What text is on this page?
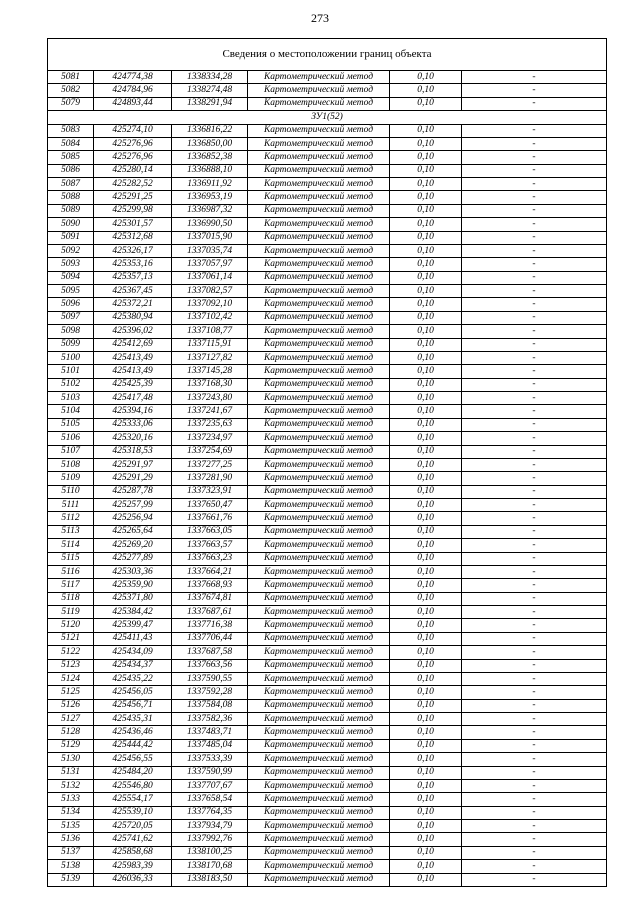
273
Сведения о местоположении границ объекта					
5081	424774,38	1338334,28	Картометрический метод	0,10	-
5082	424784,96	1338274,48	Картометрический метод	0,10	-
5079	424893,44	1338291,94	Картометрический метод	0,10	-
ЗУ1(52)					
5083	425274,10	1336816,22	Картометрический метод	0,10	-
5084	425276,96	1336850,00	Картометрический метод	0,10	-
5085	425276,96	1336852,38	Картометрический метод	0,10	-
5086	425280,14	1336888,10	Картометрический метод	0,10	-
5087	425282,52	1336911,92	Картометрический метод	0,10	-
5088	425291,25	1336953,19	Картометрический метод	0,10	-
5089	425299,98	1336987,32	Картометрический метод	0,10	-
5090	425301,57	1336990,50	Картометрический метод	0,10	-
5091	425312,68	1337015,90	Картометрический метод	0,10	-
5092	425326,17	1337035,74	Картометрический метод	0,10	-
5093	425353,16	1337057,97	Картометрический метод	0,10	-
5094	425357,13	1337061,14	Картометрический метод	0,10	-
5095	425367,45	1337082,57	Картометрический метод	0,10	-
5096	425372,21	1337092,10	Картометрический метод	0,10	-
5097	425380,94	1337102,42	Картометрический метод	0,10	-
5098	425396,02	1337108,77	Картометрический метод	0,10	-
5099	425412,69	1337115,91	Картометрический метод	0,10	-
5100	425413,49	1337127,82	Картометрический метод	0,10	-
5101	425413,49	1337145,28	Картометрический метод	0,10	-
5102	425425,39	1337168,30	Картометрический метод	0,10	-
5103	425417,48	1337243,80	Картометрический метод	0,10	-
5104	425394,16	1337241,67	Картометрический метод	0,10	-
5105	425333,06	1337235,63	Картометрический метод	0,10	-
5106	425320,16	1337234,97	Картометрический метод	0,10	-
5107	425318,53	1337254,69	Картометрический метод	0,10	-
5108	425291,97	1337277,25	Картометрический метод	0,10	-
5109	425291,29	1337281,90	Картометрический метод	0,10	-
5110	425287,78	1337323,91	Картометрический метод	0,10	-
5111	425257,99	1337650,47	Картометрический метод	0,10	-
5112	425256,94	1337661,76	Картометрический метод	0,10	-
5113	425265,64	1337663,05	Картометрический метод	0,10	-
5114	425269,20	1337663,57	Картометрический метод	0,10	-
5115	425277,89	1337663,23	Картометрический метод	0,10	-
5116	425303,36	1337664,21	Картометрический метод	0,10	-
5117	425359,90	1337668,93	Картометрический метод	0,10	-
5118	425371,80	1337674,81	Картометрический метод	0,10	-
5119	425384,42	1337687,61	Картометрический метод	0,10	-
5120	425399,47	1337716,38	Картометрический метод	0,10	-
5121	425411,43	1337706,44	Картометрический метод	0,10	-
5122	425434,09	1337687,58	Картометрический метод	0,10	-
5123	425434,37	1337663,56	Картометрический метод	0,10	-
5124	425435,22	1337590,55	Картометрический метод	0,10	-
5125	425456,05	1337592,28	Картометрический метод	0,10	-
5126	425456,71	1337584,08	Картометрический метод	0,10	-
5127	425435,31	1337582,36	Картометрический метод	0,10	-
5128	425436,46	1337483,71	Картометрический метод	0,10	-
5129	425444,42	1337485,04	Картометрический метод	0,10	-
5130	425456,55	1337533,39	Картометрический метод	0,10	-
5131	425484,20	1337590,99	Картометрический метод	0,10	-
5132	425546,80	1337707,67	Картометрический метод	0,10	-
5133	425554,17	1337658,54	Картометрический метод	0,10	-
5134	425539,10	1337764,35	Картометрический метод	0,10	-
5135	425720,05	1337934,79	Картометрический метод	0,10	-
5136	425741,62	1337992,76	Картометрический метод	0,10	-
5137	425858,68	1338100,25	Картометрический метод	0,10	-
5138	425983,39	1338170,68	Картометрический метод	0,10	-
5139	426036,33	1338183,50	Картометрический метод	0,10	-
